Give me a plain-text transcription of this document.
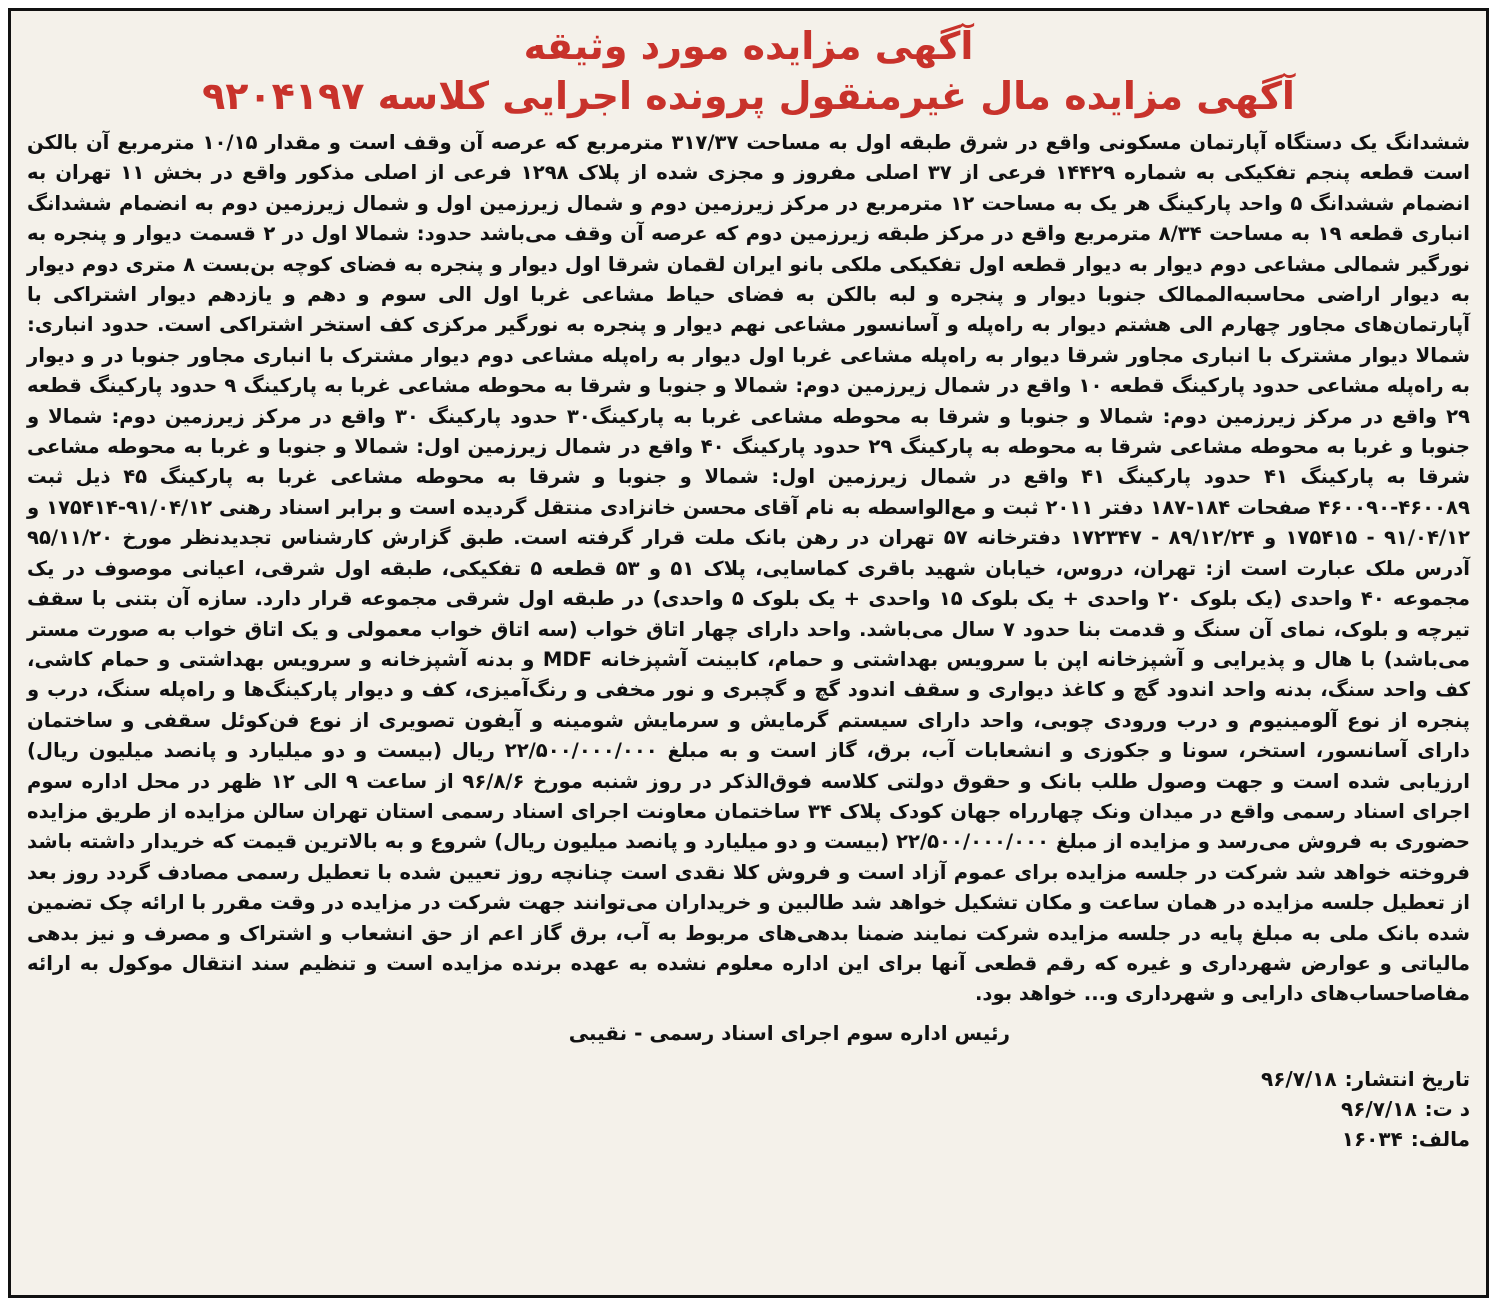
آگهی مزایده مورد وثیقه
آگهی مزایده مال غیرمنقول پرونده اجرایی کلاسه ۹۲۰۴۱۹۷

ششدانگ یک دستگاه آپارتمان مسکونی واقع در شرق طبقه اول به مساحت ۳۱۷/۳۷ مترمربع که عرصه آن وقف است و مقدار ۱۰/۱۵ مترمربع آن بالکن است قطعه پنجم تفکیکی به شماره ۱۴۴۲۹ فرعی از ۳۷ اصلی مفروز و مجزی شده از پلاک ۱۲۹۸ فرعی از اصلی مذکور واقع در بخش ۱۱ تهران به انضمام ششدانگ ۵ واحد پارکینگ هر یک به مساحت ۱۲ مترمربع در مرکز زیرزمین دوم و شمال زیرزمین اول و شمال زیرزمین دوم به انضمام ششدانگ انباری قطعه ۱۹ به مساحت ۸/۳۴ مترمربع واقع در مرکز طبقه زیرزمین دوم که عرصه آن وقف می‌باشد حدود: شمالا اول در ۲ قسمت دیوار و پنجره به نورگیر شمالی مشاعی دوم دیوار به دیوار قطعه اول تفکیکی ملکی بانو ایران لقمان شرقا اول دیوار و پنجره به فضای کوچه بن‌بست ۸ متری دوم دیوار به دیوار اراضی محاسبه‌الممالک جنوبا دیوار و پنجره و لبه بالکن به فضای حیاط مشاعی غربا اول الی سوم و دهم و یازدهم دیوار اشتراکی با آپارتمان‌های مجاور چهارم الی هشتم دیوار به راه‌پله و آسانسور مشاعی نهم دیوار و پنجره به نورگیر مرکزی کف استخر اشتراکی است. حدود انباری: شمالا دیوار مشترک با انباری مجاور شرقا دیوار به راه‌پله مشاعی غربا اول دیوار به راه‌پله مشاعی دوم دیوار مشترک با انباری مجاور جنوبا در و دیوار به راه‌پله مشاعی حدود پارکینگ قطعه ۱۰ واقع در شمال زیرزمین دوم: شمالا و جنوبا و شرقا به محوطه مشاعی غربا به پارکینگ ۹ حدود پارکینگ قطعه ۲۹ واقع در مرکز زیرزمین دوم: شمالا و جنوبا و شرقا به محوطه مشاعی غربا به پارکینگ۳۰ حدود پارکینگ ۳۰ واقع در مرکز زیرزمین دوم: شمالا و جنوبا و غربا به محوطه مشاعی شرقا به محوطه به پارکینگ ۲۹ حدود پارکینگ ۴۰ واقع در شمال زیرزمین اول: شمالا و جنوبا و غربا به محوطه مشاعی شرقا به پارکینگ ۴۱ حدود پارکینگ ۴۱ واقع در شمال زیرزمین اول: شمالا و جنوبا و شرقا به محوطه مشاعی غربا به پارکینگ ۴۵ ذیل ثبت ۴۶۰۰۸۹-۴۶۰۰۹۰ صفحات ۱۸۴-۱۸۷ دفتر ۲۰۱۱ ثبت و مع‌الواسطه به نام آقای محسن خانزادی منتقل گردیده است و برابر اسناد رهنی ۹۱/۰۴/۱۲-۱۷۵۴۱۴ و ۹۱/۰۴/۱۲ - ۱۷۵۴۱۵ و ۸۹/۱۲/۲۴ - ۱۷۲۳۴۷ دفترخانه ۵۷ تهران در رهن بانک ملت قرار گرفته است. طبق گزارش کارشناس تجدیدنظر مورخ ۹۵/۱۱/۲۰ آدرس ملک عبارت است از: تهران، دروس، خیابان شهید باقری کماسایی، پلاک ۵۱ و ۵۳ قطعه ۵ تفکیکی، طبقه اول شرقی، اعیانی موصوف در یک مجموعه ۴۰ واحدی (یک بلوک ۲۰ واحدی + یک بلوک ۱۵ واحدی + یک بلوک ۵ واحدی) در طبقه اول شرقی مجموعه قرار دارد. سازه آن بتنی با سقف تیرچه و بلوک، نمای آن سنگ و قدمت بنا حدود ۷ سال می‌باشد. واحد دارای چهار اتاق خواب (سه اتاق خواب معمولی و یک اتاق خواب به صورت مستر می‌باشد) با هال و پذیرایی و آشپزخانه اپن با سرویس بهداشتی و حمام، کابینت آشپزخانه MDF و بدنه آشپزخانه و سرویس بهداشتی و حمام کاشی، کف واحد سنگ، بدنه واحد اندود گچ و کاغذ دیواری و سقف اندود گچ و گچبری و نور مخفی و رنگ‌آمیزی، کف و دیوار پارکینگ‌ها و راه‌پله سنگ، درب و پنجره از نوع آلومینیوم و درب ورودی چوبی، واحد دارای سیستم گرمایش و سرمایش شومینه و آیفون تصویری از نوع فن‌کوئل سقفی و ساختمان دارای آسانسور، استخر، سونا و جکوزی و انشعابات آب، برق، گاز است و به مبلغ ۲۲/۵۰۰/۰۰۰/۰۰۰ ریال (بیست و دو میلیارد و پانصد میلیون ریال) ارزیابی شده است و جهت وصول طلب بانک و حقوق دولتی کلاسه فوق‌الذکر در روز شنبه مورخ ۹۶/۸/۶ از ساعت ۹ الی ۱۲ ظهر در محل اداره سوم اجرای اسناد رسمی واقع در میدان ونک چهارراه جهان کودک پلاک ۳۴ ساختمان معاونت اجرای اسناد رسمی استان تهران سالن مزایده از طریق مزایده حضوری به فروش می‌رسد و مزایده از مبلغ ۲۲/۵۰۰/۰۰۰/۰۰۰ (بیست و دو میلیارد و پانصد میلیون ریال) شروع و به بالاترین قیمت که خریدار داشته باشد فروخته خواهد شد شرکت در جلسه مزایده برای عموم آزاد است و فروش کلا نقدی است چنانچه روز تعیین شده با تعطیل رسمی مصادف گردد روز بعد از تعطیل جلسه مزایده در همان ساعت و مکان تشکیل خواهد شد طالبین و خریداران می‌توانند جهت شرکت در مزایده در وقت مقرر با ارائه چک تضمین شده بانک ملی به مبلغ پایه در جلسه مزایده شرکت نمایند ضمنا بدهی‌های مربوط به آب، برق گاز اعم از حق انشعاب و اشتراک و مصرف و نیز بدهی مالیاتی و عوارض شهرداری و غیره که رقم قطعی آنها برای این اداره معلوم نشده به عهده برنده مزایده است و تنظیم سند انتقال موکول به ارائه مفاصاحساب‌های دارایی و شهرداری و... خواهد بود.

رئیس اداره سوم اجرای اسناد رسمی - نقیبی

تاریخ انتشار:۹۶/۷/۱۸
د ت:۹۶/۷/۱۸
مالف:۱۶۰۳۴
